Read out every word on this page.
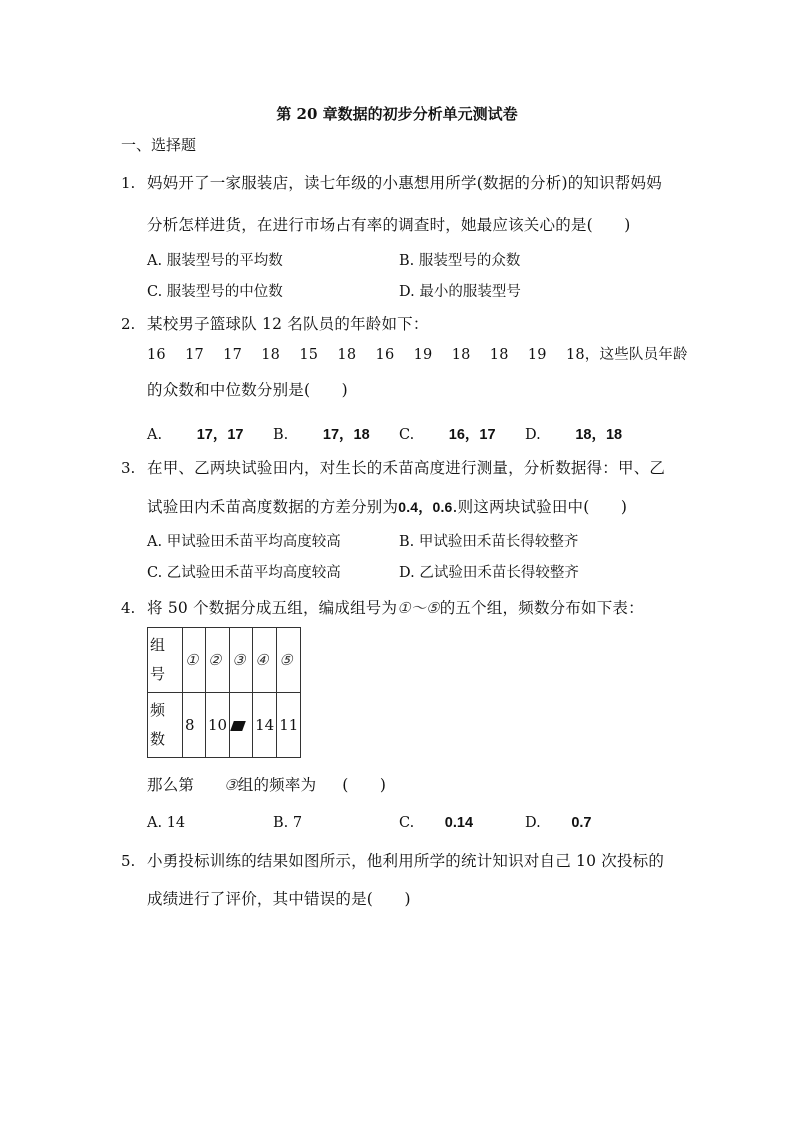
第 20 章数据的初步分析单元测试卷
一、选择题
1. 妈妈开了一家服装店，读七年级的小惠想用所学(数据的分析)的知识帮妈妈
分析怎样进货，在进行市场占有率的调查时，她最应该关心的是(　　)
A. 服装型号的平均数	B. 服装型号的众数
C. 服装型号的中位数	D. 最小的服装型号
2. 某校男子篮球队 12 名队员的年龄如下：
16    17    17    18    15    18    16    19    18    18    19    18，这些队员年龄
的众数和中位数分别是(　　)
A. 17，17 B. 17，18 C. 16，17 D. 18，18
3. 在甲、乙两块试验田内，对生长的禾苗高度进行测量，分析数据得：甲、乙
试验田内禾苗高度数据的方差分别为0.4，0.6.则这两块试验田中(　　)
A. 甲试验田禾苗平均高度较高	B. 甲试验田禾苗长得较整齐
C. 乙试验田禾苗平均高度较高	D. 乙试验田禾苗长得较整齐
4. 将 50 个数据分成五组，编成组号为①～⑤的五个组，频数分布如下表：
组
号	①	②	③	④	⑤

频
数	8	10		14	11
那么第 ③组的频率为 (　　)
A. 14	B. 7	C. 0.14	D. 0.7
5. 小勇投标训练的结果如图所示，他利用所学的统计知识对自己 10 次投标的
成绩进行了评价，其中错误的是(　　)
